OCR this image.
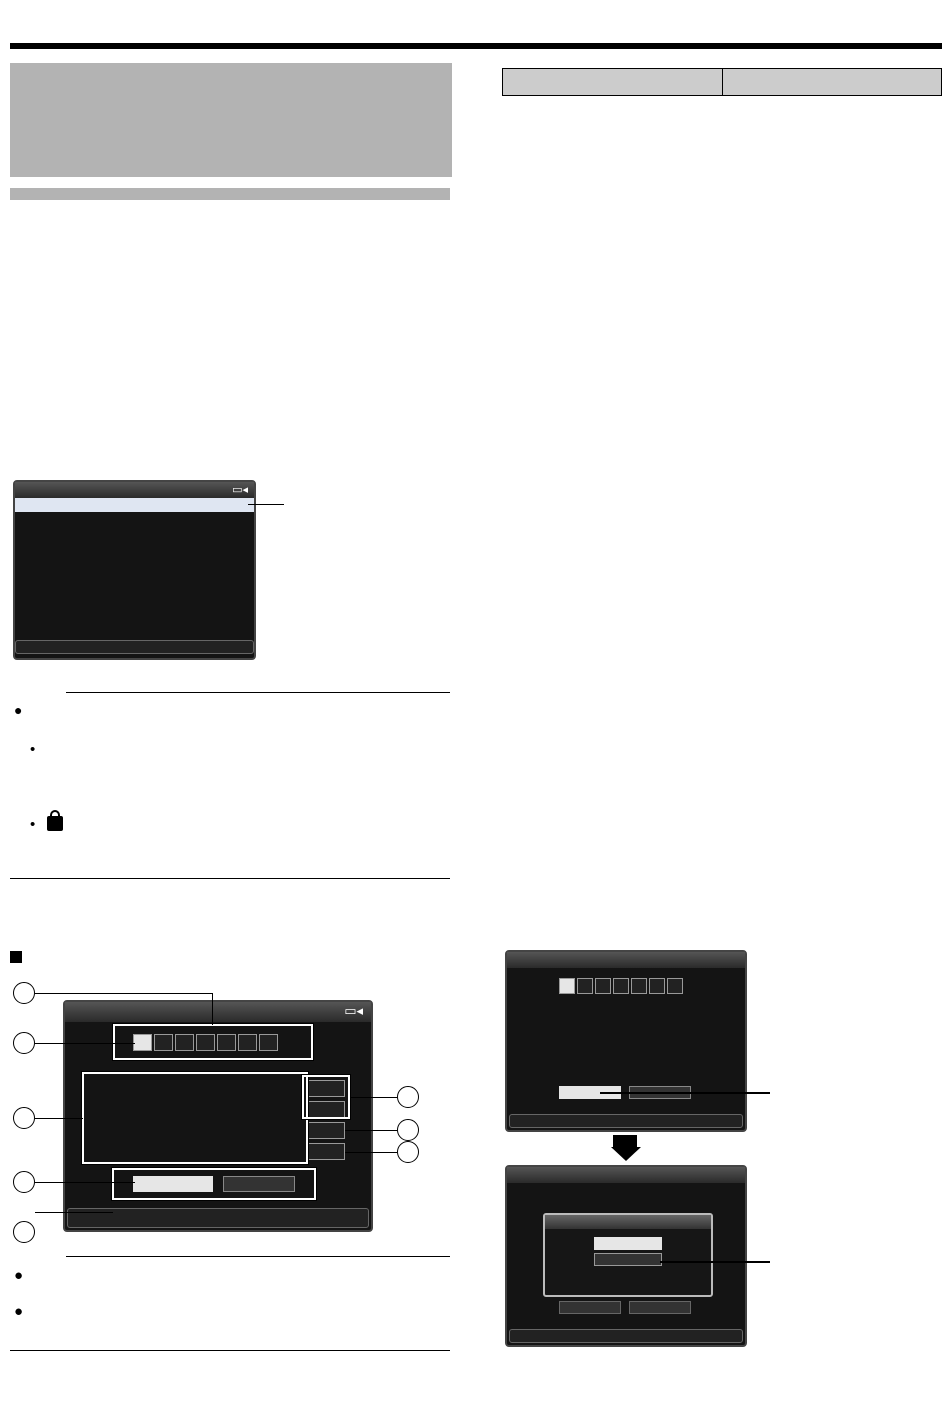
▭◂
●
•
•
▭◂
●
●
